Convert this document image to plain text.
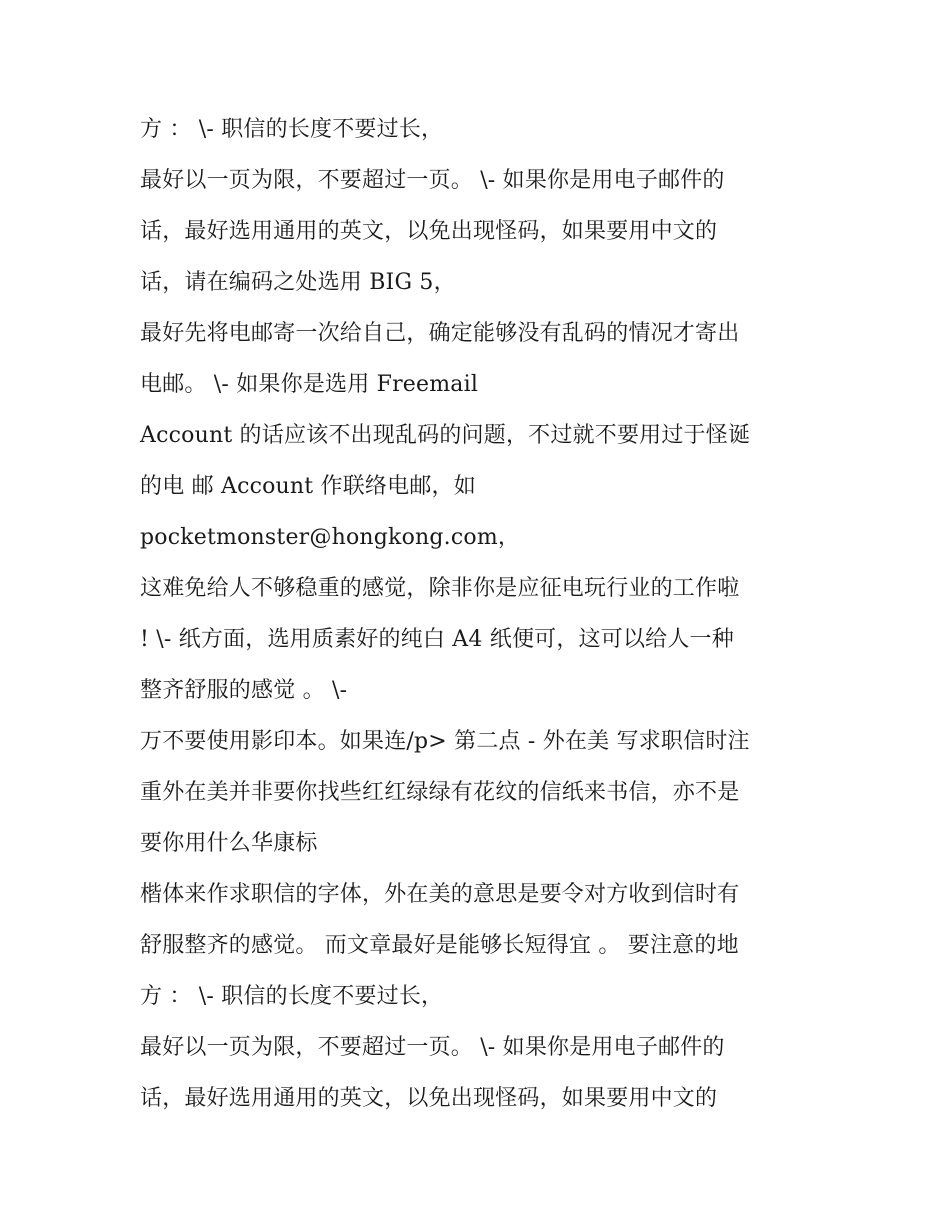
方 ： \- 职信的长度不要过长，
最好以一页为限，不要超过一页。 \- 如果你是用电子邮件的
话，最好选用通用的英文，以免出现怪码，如果要用中文的
话，请在编码之处选用 BIG 5，
最好先将电邮寄一次给自己，确定能够没有乱码的情况才寄出
电邮。 \- 如果你是选用 Freemail
Account 的话应该不出现乱码的问题，不过就不要用过于怪诞
的电 邮 Account 作联络电邮，如
pocketmonster@hongkong.com，
这难免给人不够稳重的感觉，除非你是应征电玩行业的工作啦
! \- 纸方面，选用质素好的纯白 A4 纸便可，这可以给人一种
整齐舒服的感觉 。 \-
万不要使用影印本。如果连/p> 第二点 - 外在美 写求职信时注
重外在美并非要你找些红红绿绿有花纹的信纸来书信，亦不是
要你用什么华康标
楷体来作求职信的字体，外在美的意思是要令对方收到信时有
舒服整齐的感觉。 而文章最好是能够长短得宜 。 要注意的地
方 ： \- 职信的长度不要过长，
最好以一页为限，不要超过一页。 \- 如果你是用电子邮件的
话，最好选用通用的英文，以免出现怪码，如果要用中文的
